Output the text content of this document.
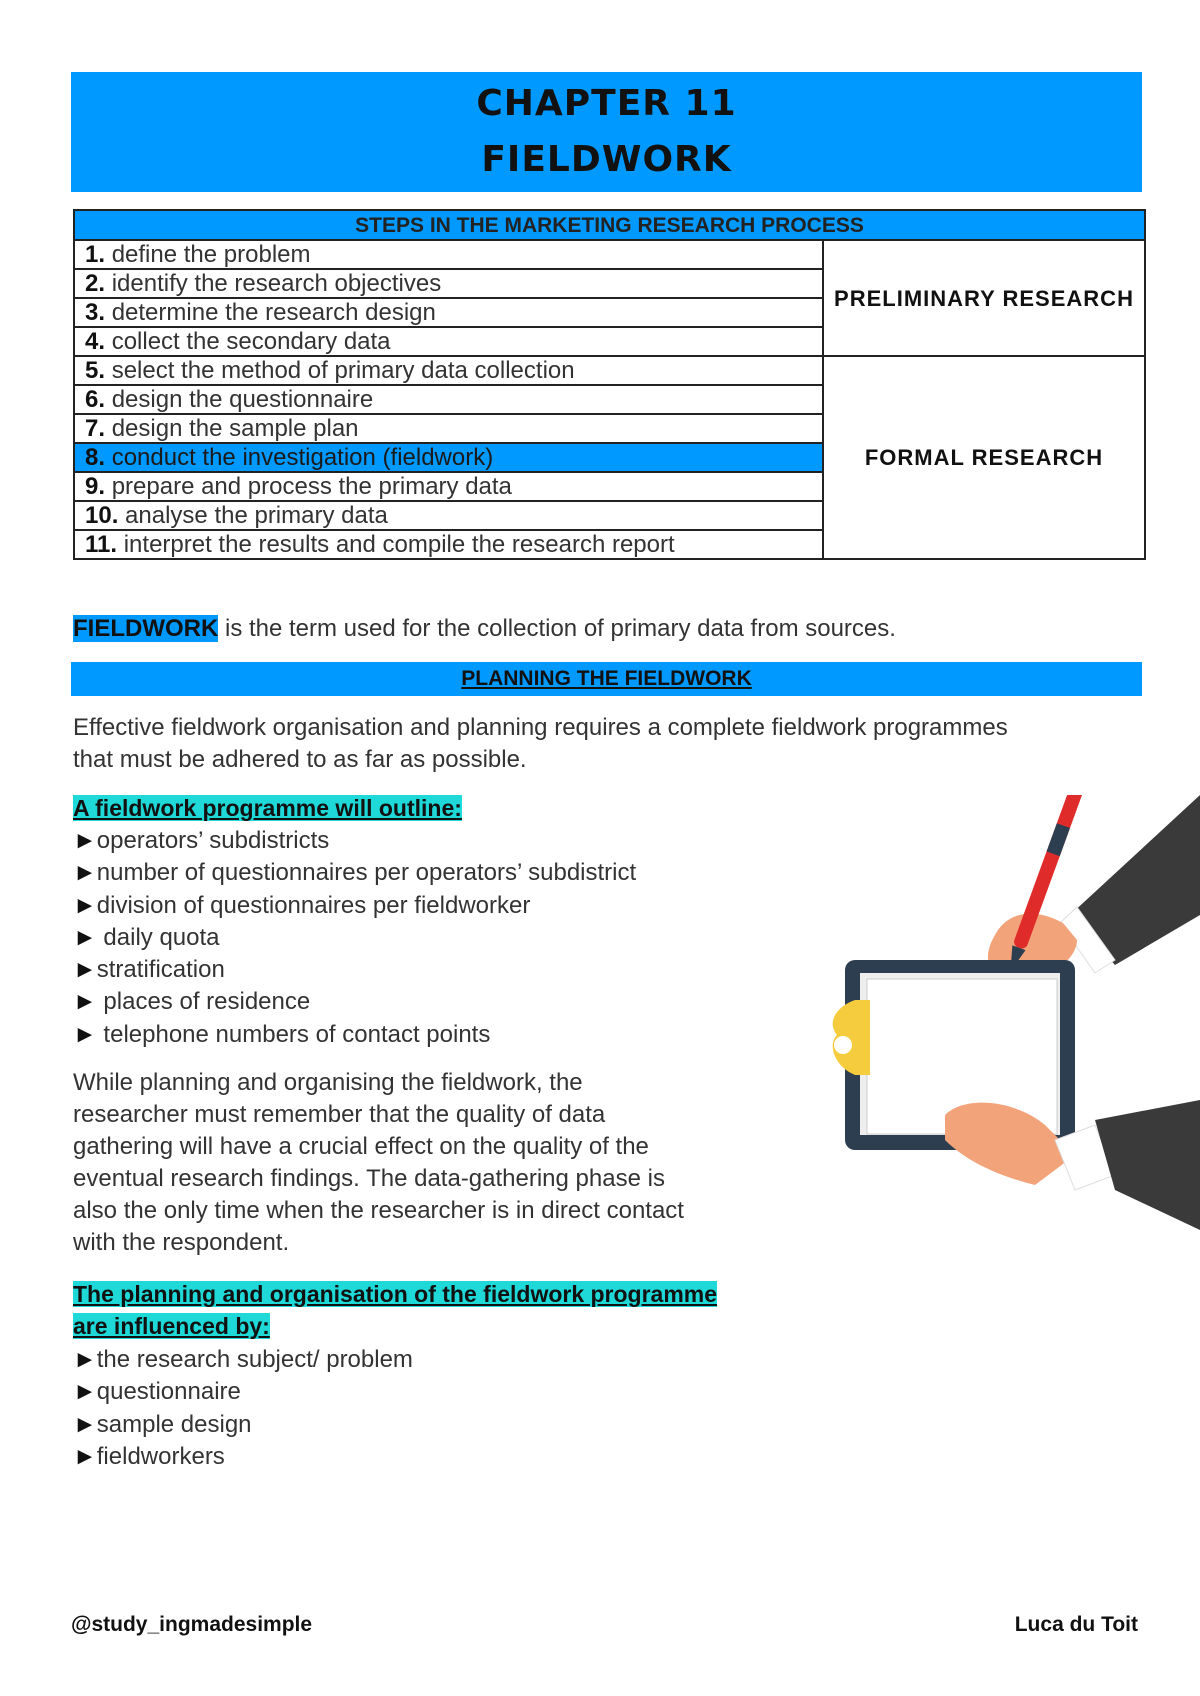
CHAPTER 11
FIELDWORK
STEPS IN THE MARKETING RESEARCH PROCESS	
1. define the problem	PRELIMINARY RESEARCH
2. identify the research objectives	
3. determine the research design	
4. collect the secondary data	
5. select the method of primary data collection	FORMAL RESEARCH
6. design the questionnaire	
7. design the sample plan	
8. conduct the investigation (fieldwork)	
9. prepare and process the primary data	
10. analyse the primary data	
11. interpret the results and compile the research report	
FIELDWORK is the term used for the collection of primary data from sources.
PLANNING THE FIELDWORK
Effective fieldwork organisation and planning requires a complete fieldwork programmes
that must be adhered to as far as possible.
A fieldwork programme will outline:
► operators’ subdistricts
► number of questionnaires per operators’ subdistrict
► division of questionnaires per fieldworker
► daily quota
► stratification
► places of residence
► telephone numbers of contact points
While planning and organising the fieldwork, the
researcher must remember that the quality of data
gathering will have a crucial effect on the quality of the
eventual research findings. The data-gathering phase is
also the only time when the researcher is in direct contact
with the respondent.
The planning and organisation of the fieldwork programme
are influenced by:
► the research subject/ problem
► questionnaire
► sample design
► fieldworkers
@study_ingmadesimple	Luca du Toit
